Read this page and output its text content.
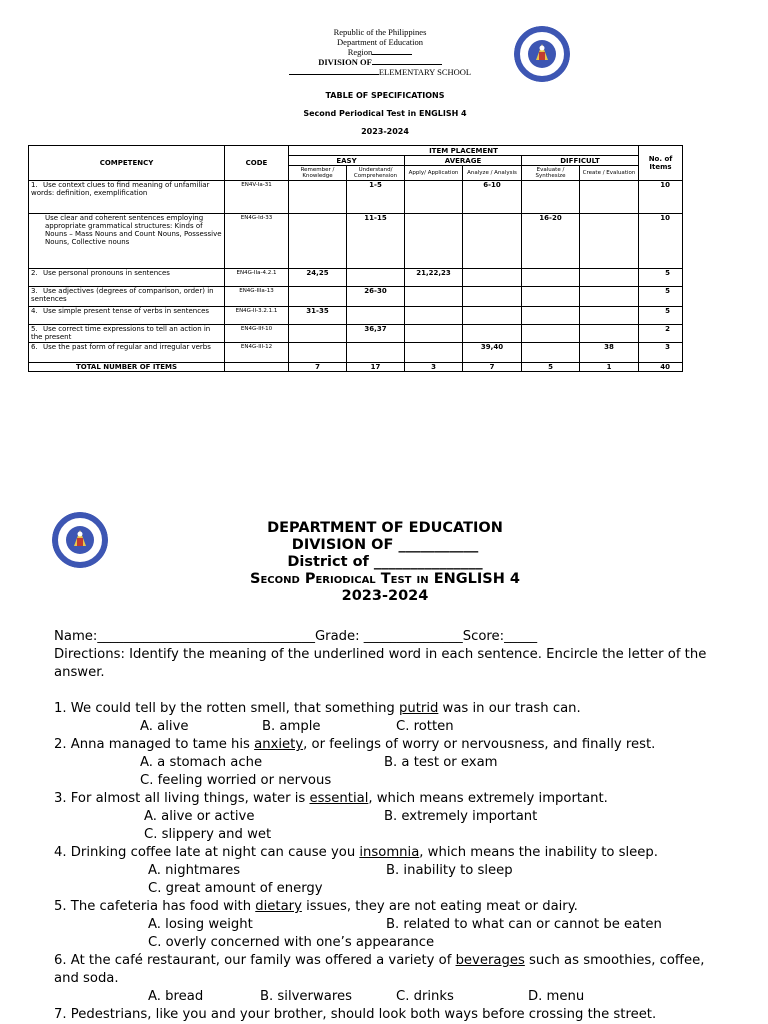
Republic of the Philippines
Department of Education
Region
DIVISION OF
ELEMENTARY SCHOOL
TABLE OF SPECIFICATIONS
Second Periodical Test in ENGLISH 4
2023-2024
COMPETENCY	CODE	ITEM PLACEMENT						No. of Items
		EASY		AVERAGE		DIFFICULT		
		Remember / Knowledge	Understand/ Comprehension	Apply/ Application	Analyze / Analysis	Evaluate / Synthesize	Create / Evaluation	
1. Use context clues to find meaning of unfamiliar words: definition, exemplification	EN4V-Ia-31		1-5		6-10			10
Use clear and coherent sentences employing appropriate grammatical structures: Kinds of Nouns – Mass Nouns and Count Nouns, Possessive Nouns, Collective nouns	EN4G-Id-33		11-15			16-20		10
2. Use personal pronouns in sentences	EN4G-IIa-4.2.1	24,25		21,22,23				5
3. Use adjectives (degrees of comparison, order) in sentences	EN4G-IIIa-13		26-30					5
4. Use simple present tense of verbs in sentences	EN4G-II-3.2.1.1	31-35						5
5. Use correct time expressions to tell an action in the present	EN4G-IIf-10		36,37					2
6. Use the past form of regular and irregular verbs	EN4G-III-12				39,40		38	3
TOTAL NUMBER OF ITEMS		7	17	3	7	5	1	40
DEPARTMENT OF EDUCATION
DIVISION OF ___________
District of _______________
Second Periodical Test in ENGLISH 4
2023-2024
Name:_________________________________Grade: _______________Score:_____
Directions: Identify the meaning of the underlined word in each sentence. Encircle the letter of the answer.
1. We could tell by the rotten smell, that something putrid was in our trash can.
A. alive	B. ample	C. rotten
2. Anna managed to tame his anxiety, or feelings of worry or nervousness, and finally rest.
A. a stomach ache	B. a test or exam
C. feeling worried or nervous
3. For almost all living things, water is essential, which means extremely important.
A. alive or active	B. extremely important
C. slippery and wet
4. Drinking coffee late at night can cause you insomnia, which means the inability to sleep.
A. nightmares	B. inability to sleep
C. great amount of energy
5. The cafeteria has food with dietary issues, they are not eating meat or dairy.
A. losing weight	B. related to what can or cannot be eaten
C. overly concerned with one’s appearance
6. At the café restaurant, our family was offered a variety of beverages such as smoothies, coffee, and soda.
A. bread	B. silverwares	C. drinks	D. menu
7. Pedestrians, like you and your brother, should look both ways before crossing the street.
